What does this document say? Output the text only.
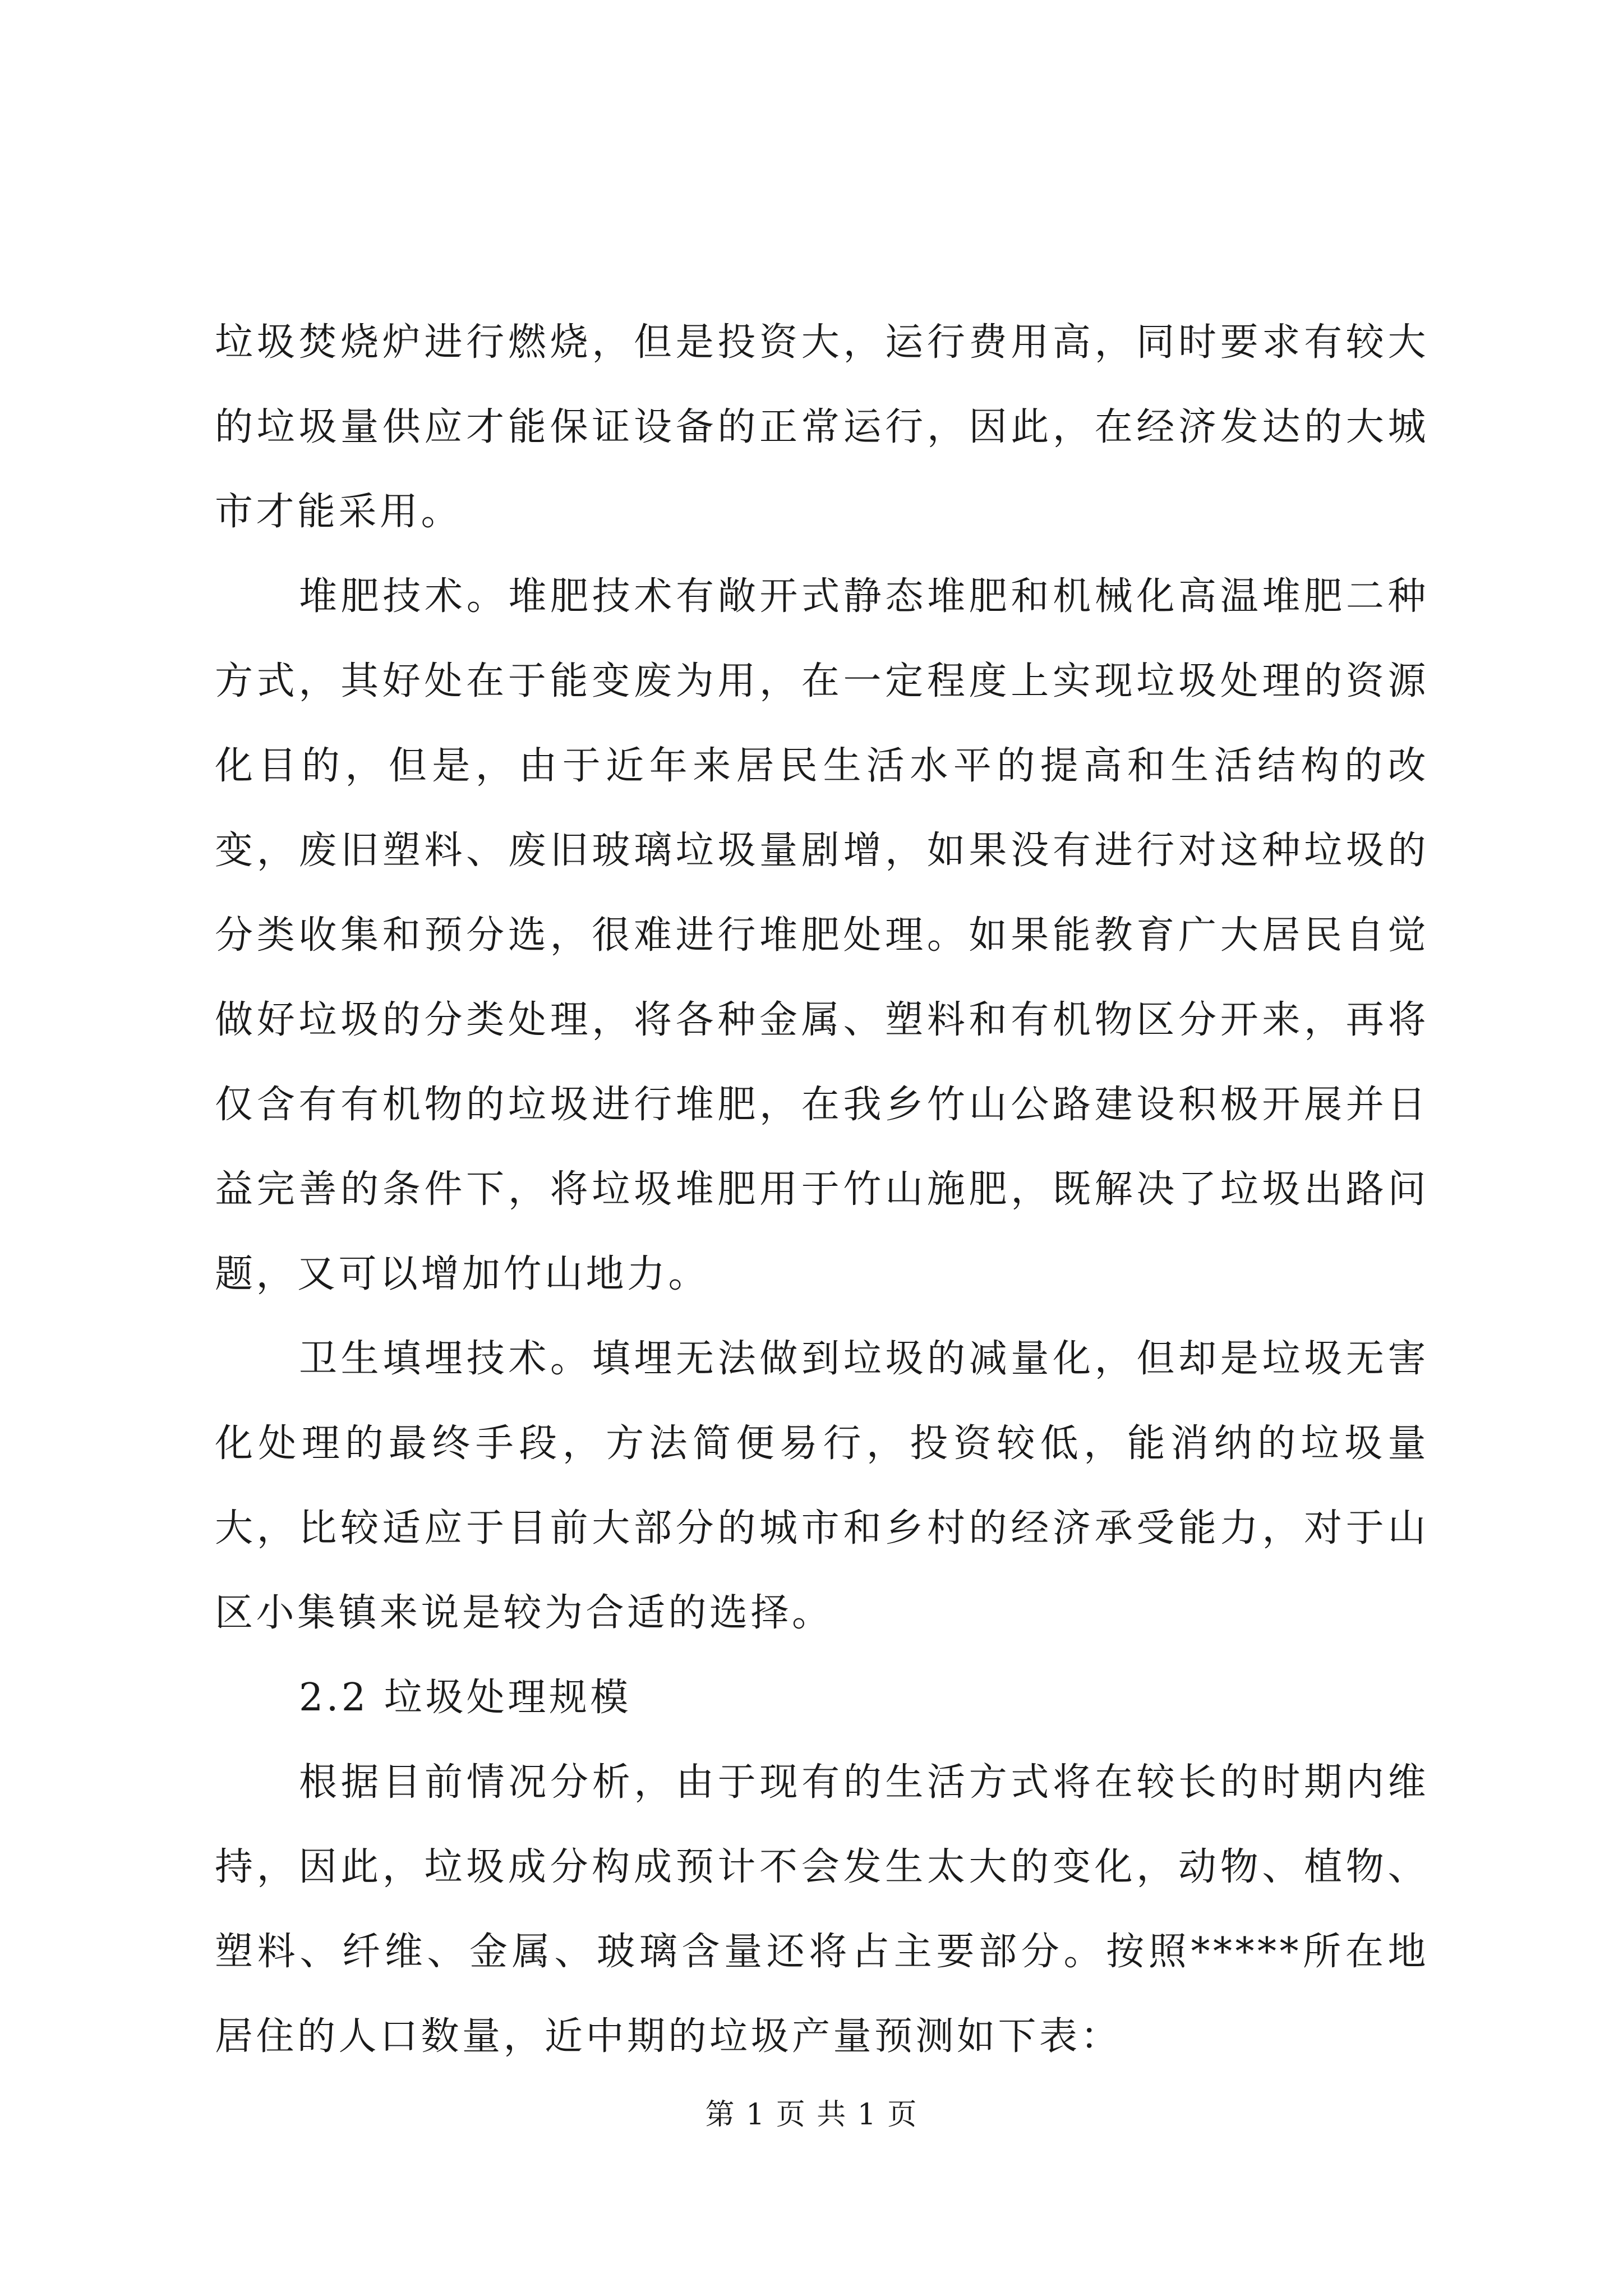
垃圾焚烧炉进行燃烧，但是投资大，运行费用高，同时要求有较大的垃圾量供应才能保证设备的正常运行，因此，在经济发达的大城市才能采用。

堆肥技术。堆肥技术有敞开式静态堆肥和机械化高温堆肥二种方式，其好处在于能变废为用，在一定程度上实现垃圾处理的资源化目的，但是，由于近年来居民生活水平的提高和生活结构的改变，废旧塑料、废旧玻璃垃圾量剧增，如果没有进行对这种垃圾的分类收集和预分选，很难进行堆肥处理。如果能教育广大居民自觉做好垃圾的分类处理，将各种金属、塑料和有机物区分开来，再将仅含有有机物的垃圾进行堆肥，在我乡竹山公路建设积极开展并日益完善的条件下，将垃圾堆肥用于竹山施肥，既解决了垃圾出路问题，又可以增加竹山地力。

卫生填埋技术。填埋无法做到垃圾的减量化，但却是垃圾无害化处理的最终手段，方法简便易行，投资较低，能消纳的垃圾量大，比较适应于目前大部分的城市和乡村的经济承受能力，对于山区小集镇来说是较为合适的选择。

2.2 垃圾处理规模

根据目前情况分析，由于现有的生活方式将在较长的时期内维持，因此，垃圾成分构成预计不会发生太大的变化，动物、植物、塑料、纤维、金属、玻璃含量还将占主要部分。按照*****所在地居住的人口数量，近中期的垃圾产量预测如下表：

第 1 页 共 1 页
